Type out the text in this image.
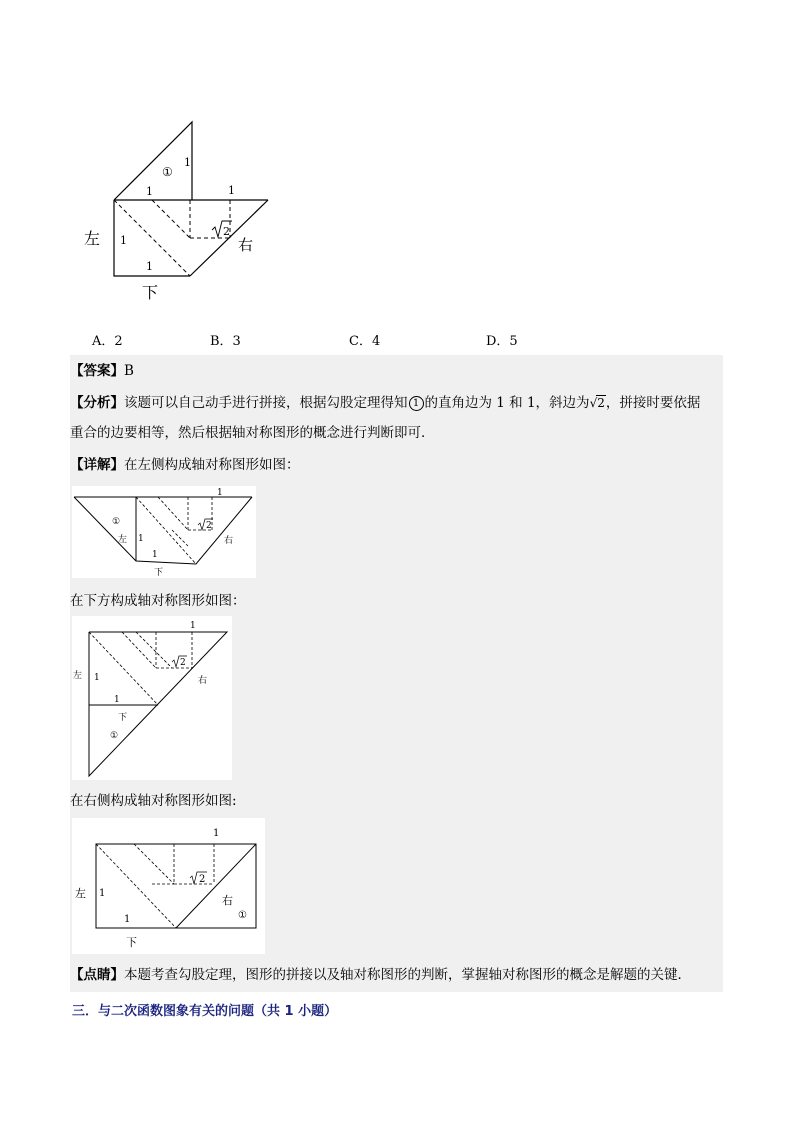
①
1
1	1
1
1
2
左	右
下
A．2	B．3	C．4	D．5
【答案】B
【分析】该题可以自己动手进行拼接，根据勾股定理得知 1 的直角边为 1 和 1，斜边为√2，拼接时要依据
重合的边要相等，然后根据轴对称图形的概念进行判断即可．
【详解】在左侧构成轴对称图形如图：
①
1
1
1
2
左	右
下
在下方构成轴对称图形如图：
1
1
1
2
左	右
下
①
在右侧构成轴对称图形如图:
1
1
1
2
左
右
下
①
【点睛】本题考查勾股定理，图形的拼接以及轴对称图形的判断，掌握轴对称图形的概念是解题的关键．
三．与二次函数图象有关的问题（共 1 小题）
